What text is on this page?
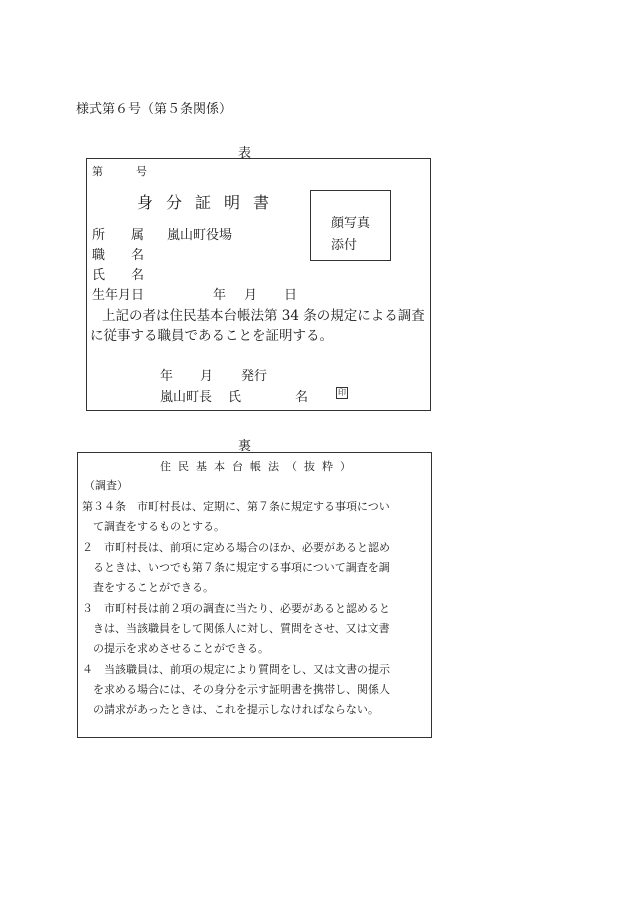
様式第６号（第５条関係）
表
第　　　号
身分証明書
顔写真
添付
所　　属 嵐山町役場
職　　名
氏　　名
生年月日	年 月 日
上記の者は住民基本台帳法第 34 条の規定による調査
に従事する職員であることを証明する。
年 月 発行
嵐山町長 氏	名	印
裏
住民基本台帳法（抜粋）
（調査）
第３４条　市町村長は、定期に、第７条に規定する事項につい
て調査をするものとする。
２　市町村長は、前項に定める場合のほか、必要があると認め
るときは、いつでも第７条に規定する事項について調査を調
査をすることができる。
３　市町村長は前２項の調査に当たり、必要があると認めると
きは、当該職員をして関係人に対し、質問をさせ、又は文書
の提示を求めさせることができる。
４　当該職員は、前項の規定により質問をし、又は文書の提示
を求める場合には、その身分を示す証明書を携帯し、関係人
の請求があったときは、これを提示しなければならない。
